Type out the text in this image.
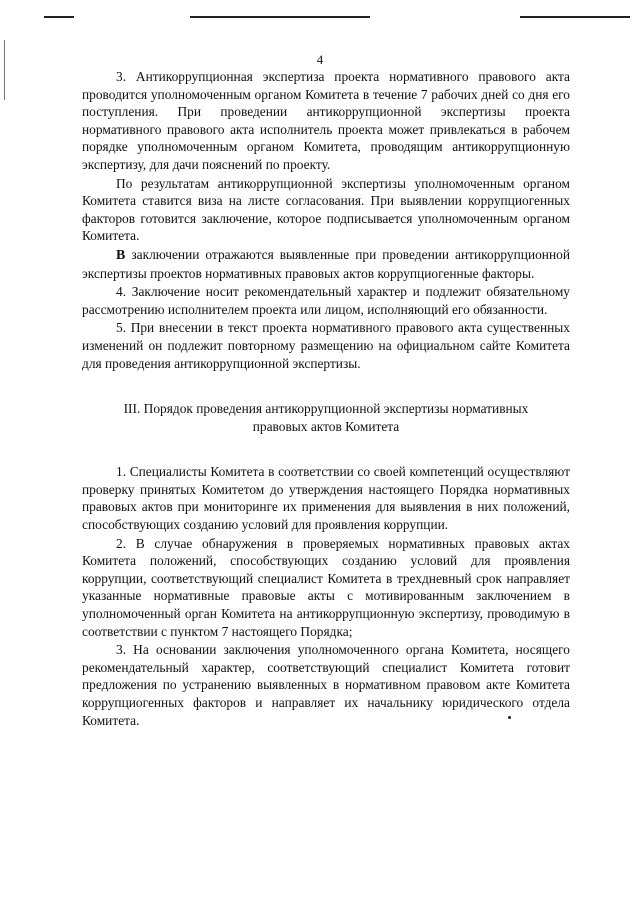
4

3. Антикоррупционная экспертиза проекта нормативного правового акта проводится уполномоченным органом Комитета в течение 7 рабочих дней со дня его поступления. При проведении антикоррупционной экспертизы проекта нормативного правового акта исполнитель проекта может привлекаться в рабочем порядке уполномоченным органом Комитета, проводящим антикоррупционную экспертизу, для дачи пояснений по проекту.

По результатам антикоррупционной экспертизы уполномоченным органом Комитета ставится виза на листе согласования. При выявлении коррупциогенных факторов готовится заключение, которое подписывается уполномоченным органом Комитета.

В заключении отражаются выявленные при проведении антикоррупционной экспертизы проектов нормативных правовых актов коррупциогенные факторы.

4. Заключение носит рекомендательный характер и подлежит обязательному рассмотрению исполнителем проекта или лицом, исполняющий его обязанности.

5. При внесении в текст проекта нормативного правового акта существенных изменений он подлежит повторному размещению на официальном сайте Комитета для проведения антикоррупционной экспертизы.

III. Порядок проведения антикоррупционной экспертизы нормативных правовых актов Комитета

1. Специалисты Комитета в соответствии со своей компетенций осуществляют проверку принятых Комитетом до утверждения настоящего Порядка нормативных правовых актов при мониторинге их применения для выявления в них положений, способствующих созданию условий для проявления коррупции.

2. В случае обнаружения в проверяемых нормативных правовых актах Комитета положений, способствующих созданию условий для проявления коррупции, соответствующий специалист Комитета в трехдневный срок направляет указанные нормативные правовые акты с мотивированным заключением в уполномоченный орган Комитета на антикоррупционную экспертизу, проводимую в соответствии с пунктом 7 настоящего Порядка;

3. На основании заключения уполномоченного органа Комитета, носящего рекомендательный характер, соответствующий специалист Комитета готовит предложения по устранению выявленных в нормативном правовом акте Комитета коррупциогенных факторов и направляет их начальнику юридического отдела Комитета.
